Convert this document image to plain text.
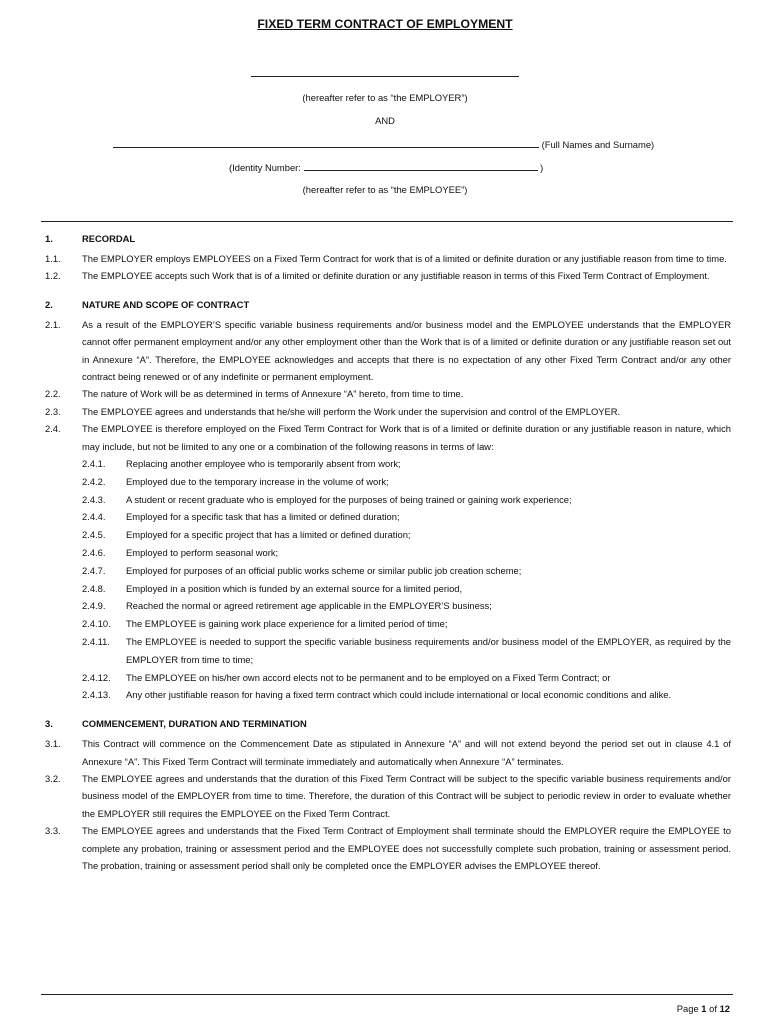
FIXED TERM CONTRACT OF EMPLOYMENT
(hereafter refer to as “the EMPLOYER”)
AND
(Full Names and Surname)
(Identity Number:	)
(hereafter refer to as “the EMPLOYEE”)
1.	RECORDAL
1.1.	The EMPLOYER employs EMPLOYEES on a Fixed Term Contract for work that is of a limited or definite duration or any justifiable reason from time to time.
1.2.	The EMPLOYEE accepts such Work that is of a limited or definite duration or any justifiable reason in terms of this Fixed Term Contract of Employment.
2.	NATURE AND SCOPE OF CONTRACT
2.1.	As a result of the EMPLOYER’S specific variable business requirements and/or business model and the EMPLOYEE understands that the EMPLOYER cannot offer permanent employment and/or any other employment other than the Work that is of a limited or definite duration or any justifiable reason set out in Annexure “A”. Therefore, the EMPLOYEE acknowledges and accepts that there is no expectation of any other Fixed Term Contract and/or any other contract being renewed or of any indefinite or permanent employment.
2.2.	The nature of Work will be as determined in terms of Annexure “A” hereto, from time to time.
2.3.	The EMPLOYEE agrees and understands that he/she will perform the Work under the supervision and control of the EMPLOYER.
2.4.	The EMPLOYEE is therefore employed on the Fixed Term Contract for Work that is of a limited or definite duration or any justifiable reason in nature, which may include, but not be limited to any one or a combination of the following reasons in terms of law:
2.4.1.	Replacing another employee who is temporarily absent from work;
2.4.2.	Employed due to the temporary increase in the volume of work;
2.4.3.	A student or recent graduate who is employed for the purposes of being trained or gaining work experience;
2.4.4.	Employed for a specific task that has a limited or defined duration;
2.4.5.	Employed for a specific project that has a limited or defined duration;
2.4.6.	Employed to perform seasonal work;
2.4.7.	Employed for purposes of an official public works scheme or similar public job creation scheme;
2.4.8.	Employed in a position which is funded by an external source for a limited period,
2.4.9.	Reached the normal or agreed retirement age applicable in the EMPLOYER’S business;
2.4.10.	The EMPLOYEE is gaining work place experience for a limited period of time;
2.4.11.	The EMPLOYEE is needed to support the specific variable business requirements and/or business model of the EMPLOYER, as required by the EMPLOYER from time to time;
2.4.12.	The EMPLOYEE on his/her own accord elects not to be permanent and to be employed on a Fixed Term Contract; or
2.4.13.	Any other justifiable reason for having a fixed term contract which could include international or local economic conditions and alike.
3.	COMMENCEMENT, DURATION AND TERMINATION
3.1.	This Contract will commence on the Commencement Date as stipulated in Annexure “A” and will not extend beyond the period set out in clause 4.1 of Annexure “A”. This Fixed Term Contract will terminate immediately and automatically when Annexure “A” terminates.
3.2.	The EMPLOYEE agrees and understands that the duration of this Fixed Term Contract will be subject to the specific variable business requirements and/or business model of the EMPLOYER from time to time. Therefore, the duration of this Contract will be subject to periodic review in order to evaluate whether the EMPLOYER still requires the EMPLOYEE on the Fixed Term Contract.
3.3.	The EMPLOYEE agrees and understands that the Fixed Term Contract of Employment shall terminate should the EMPLOYER require the EMPLOYEE to complete any probation, training or assessment period and the EMPLOYEE does not successfully complete such probation, training or assessment period. The probation, training or assessment period shall only be completed once the EMPLOYER advises the EMPLOYEE thereof.
Page 1 of 12
